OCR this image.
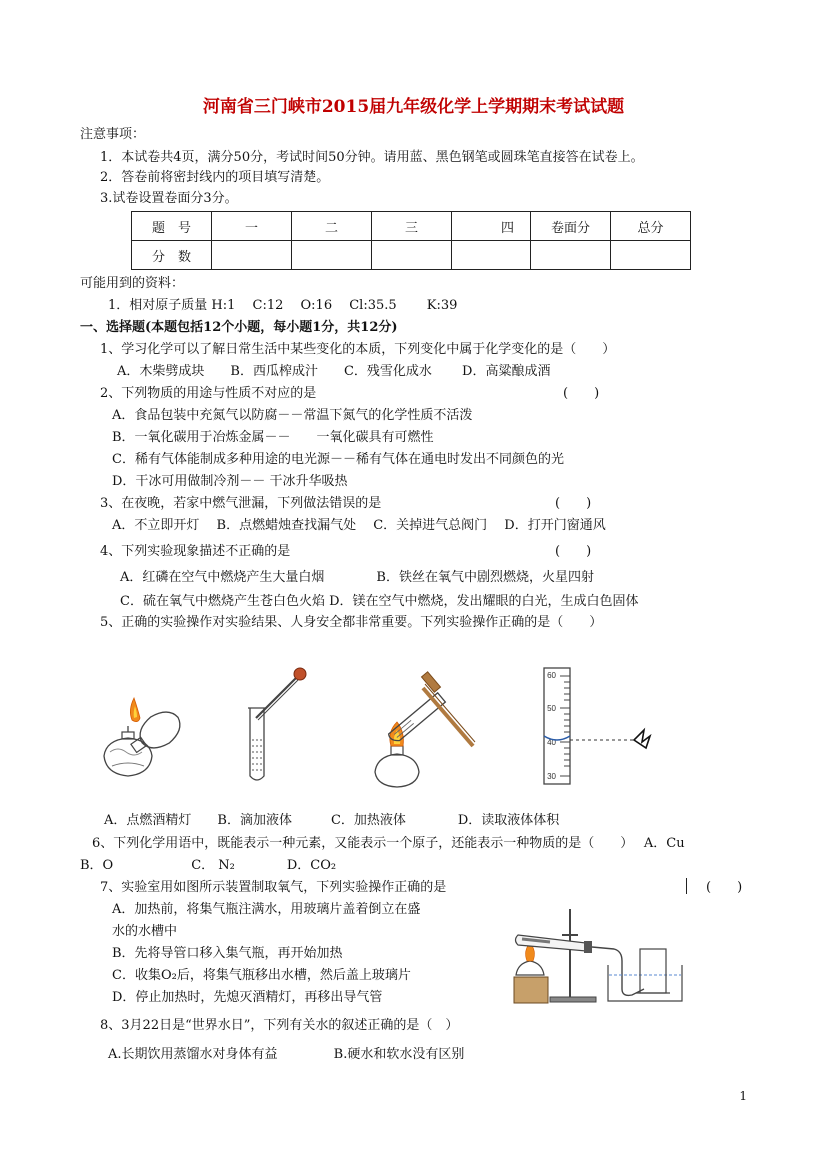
河南省三门峡市2015届九年级化学上学期期末考试试题
注意事项：
1．本试卷共4页，满分50分，考试时间50分钟。请用蓝、黑色钢笔或圆珠笔直接答在试卷上。
2．答卷前将密封线内的项目填写清楚。
3.试卷设置卷面分3分。
题　号	一	二	三	四	卷面分	总分
分　数						
可能用到的资料：
1．相对原子质量 H:1　 C:12　 O:16　 Cl:35.5　　 K:39
一、选择题(本题包括12个小题，每小题1分，共12分)
1、学习化学可以了解日常生活中某些变化的本质，下列变化中属于化学变化的是（　　）
A．木柴劈成块　　B．西瓜榨成汁　　C．残雪化成水　　 D．高粱酿成酒
2、下列物质的用途与性质不对应的是	(　　)
A．食品包装中充氮气以防腐－－常温下氮气的化学性质不活泼
B．一氧化碳用于冶炼金属－－　　一氧化碳具有可燃性
C．稀有气体能制成多种用途的电光源－－稀有气体在通电时发出不同颜色的光
D．干冰可用做制冷剂－－ 干冰升华吸热
3、在夜晚，若家中燃气泄漏，下列做法错误的是	(　　)
A．不立即开灯　 B．点燃蜡烛查找漏气处　 C．关掉进气总阀门　 D．打开门窗通风
4、下列实验现象描述不正确的是	(　　)
A．红磷在空气中燃烧产生大量白烟　　　　B．铁丝在氧气中剧烈燃烧，火星四射
C．硫在氧气中燃烧产生苍白色火焰 D．镁在空气中燃烧，发出耀眼的白光，生成白色固体
5、正确的实验操作对实验结果、人身安全都非常重要。下列实验操作正确的是（　　）
60
50
40
30
A．点燃酒精灯　　B．滴加液体　　　C．加热液体　　　　D．读取液体体积
6、下列化学用语中，既能表示一种元素，又能表示一个原子，还能表示一种物质的是（　　）　 A．Cu
B．O　　　　　　C． N₂　　　　D．CO₂
7、实验室用如图所示装置制取氧气，下列实验操作正确的是	(　　)
A．加热前，将集气瓶注满水，用玻璃片盖着倒立在盛
水的水槽中
B．先将导管口移入集气瓶，再开始加热
C．收集O₂后，将集气瓶移出水槽，然后盖上玻璃片
D．停止加热时，先熄灭酒精灯，再移出导气管
8、3月22日是“世界水日”，下列有关水的叙述正确的是（　）
A.长期饮用蒸馏水对身体有益　　　　 B.硬水和软水没有区别
1
